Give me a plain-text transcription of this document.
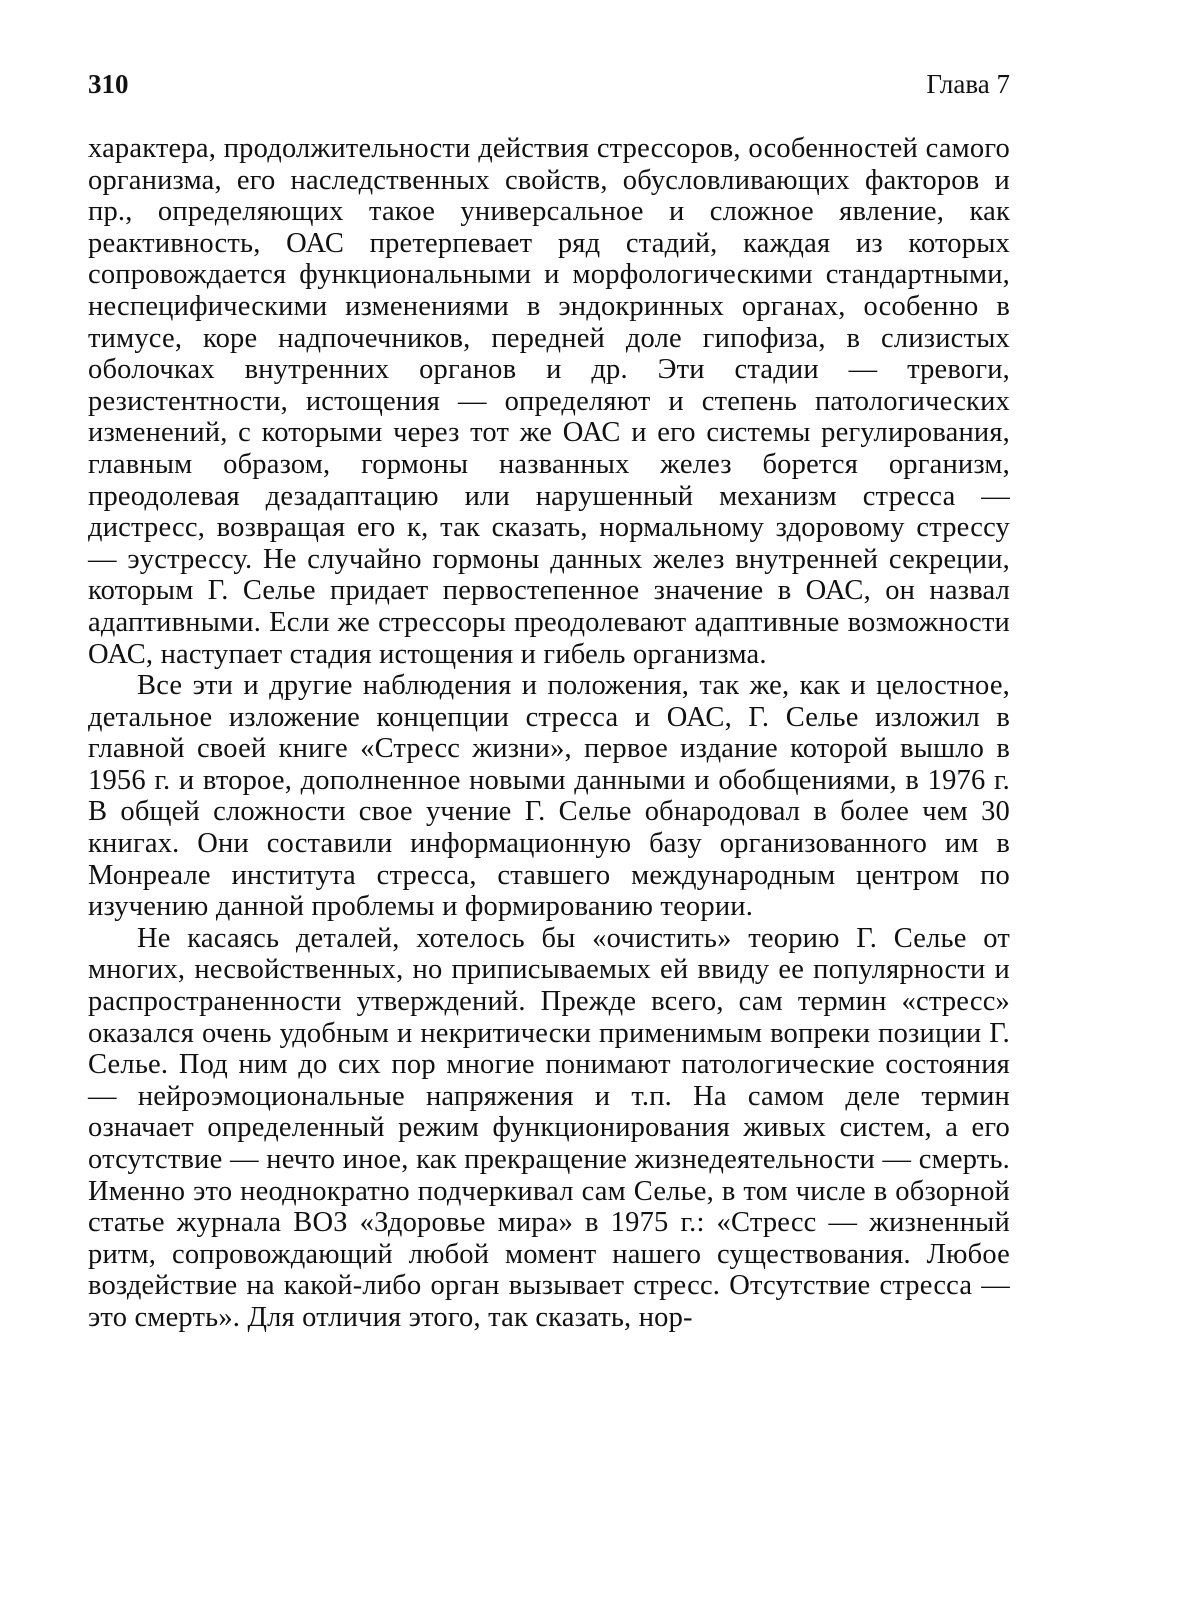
310	Глава 7

характера, продолжительности действия стрессоров, особенностей самого организма, его наследственных свойств, обусловливающих факторов и пр., определяющих такое универсальное и сложное явление, как реактивность, ОАС претерпевает ряд стадий, каждая из которых сопровождается функциональными и морфологическими стандартными, неспецифическими изменениями в эндокринных органах, особенно в тимусе, коре надпочечников, передней доле гипофиза, в слизистых оболочках внутренних органов и др. Эти стадии — тревоги, резистентности, истощения — определяют и степень патологических изменений, с которыми через тот же ОАС и его системы регулирования, главным образом, гормоны названных желез борется организм, преодолевая дезадаптацию или нарушенный механизм стресса — дистресс, возвращая его к, так сказать, нормальному здоровому стрессу — эустрессу. Не случайно гормоны данных желез внутренней секреции, которым Г. Селье придает первостепенное значение в ОАС, он назвал адаптивными. Если же стрессоры преодолевают адаптивные возможности ОАС, наступает стадия истощения и гибель организма.

Все эти и другие наблюдения и положения, так же, как и целостное, детальное изложение концепции стресса и ОАС, Г. Селье изложил в главной своей книге «Стресс жизни», первое издание которой вышло в 1956 г. и второе, дополненное новыми данными и обобщениями, в 1976 г. В общей сложности свое учение Г. Селье обнародовал в более чем 30 книгах. Они составили информационную базу организованного им в Монреале института стресса, ставшего международным центром по изучению данной проблемы и формированию теории.

Не касаясь деталей, хотелось бы «очистить» теорию Г. Селье от многих, несвойственных, но приписываемых ей ввиду ее популярности и распространенности утверждений. Прежде всего, сам термин «стресс» оказался очень удобным и некритически применимым вопреки позиции Г. Селье. Под ним до сих пор многие понимают патологические состояния — нейроэмоциональные напряжения и т.п. На самом деле термин означает определенный режим функционирования живых систем, а его отсутствие — нечто иное, как прекращение жизнедеятельности — смерть. Именно это неоднократно подчеркивал сам Селье, в том числе в обзорной статье журнала ВОЗ «Здоровье мира» в 1975 г.: «Стресс — жизненный ритм, сопровождающий любой момент нашего существования. Любое воздействие на какой-либо орган вызывает стресс. Отсутствие стресса — это смерть». Для отличия этого, так сказать, нор-
